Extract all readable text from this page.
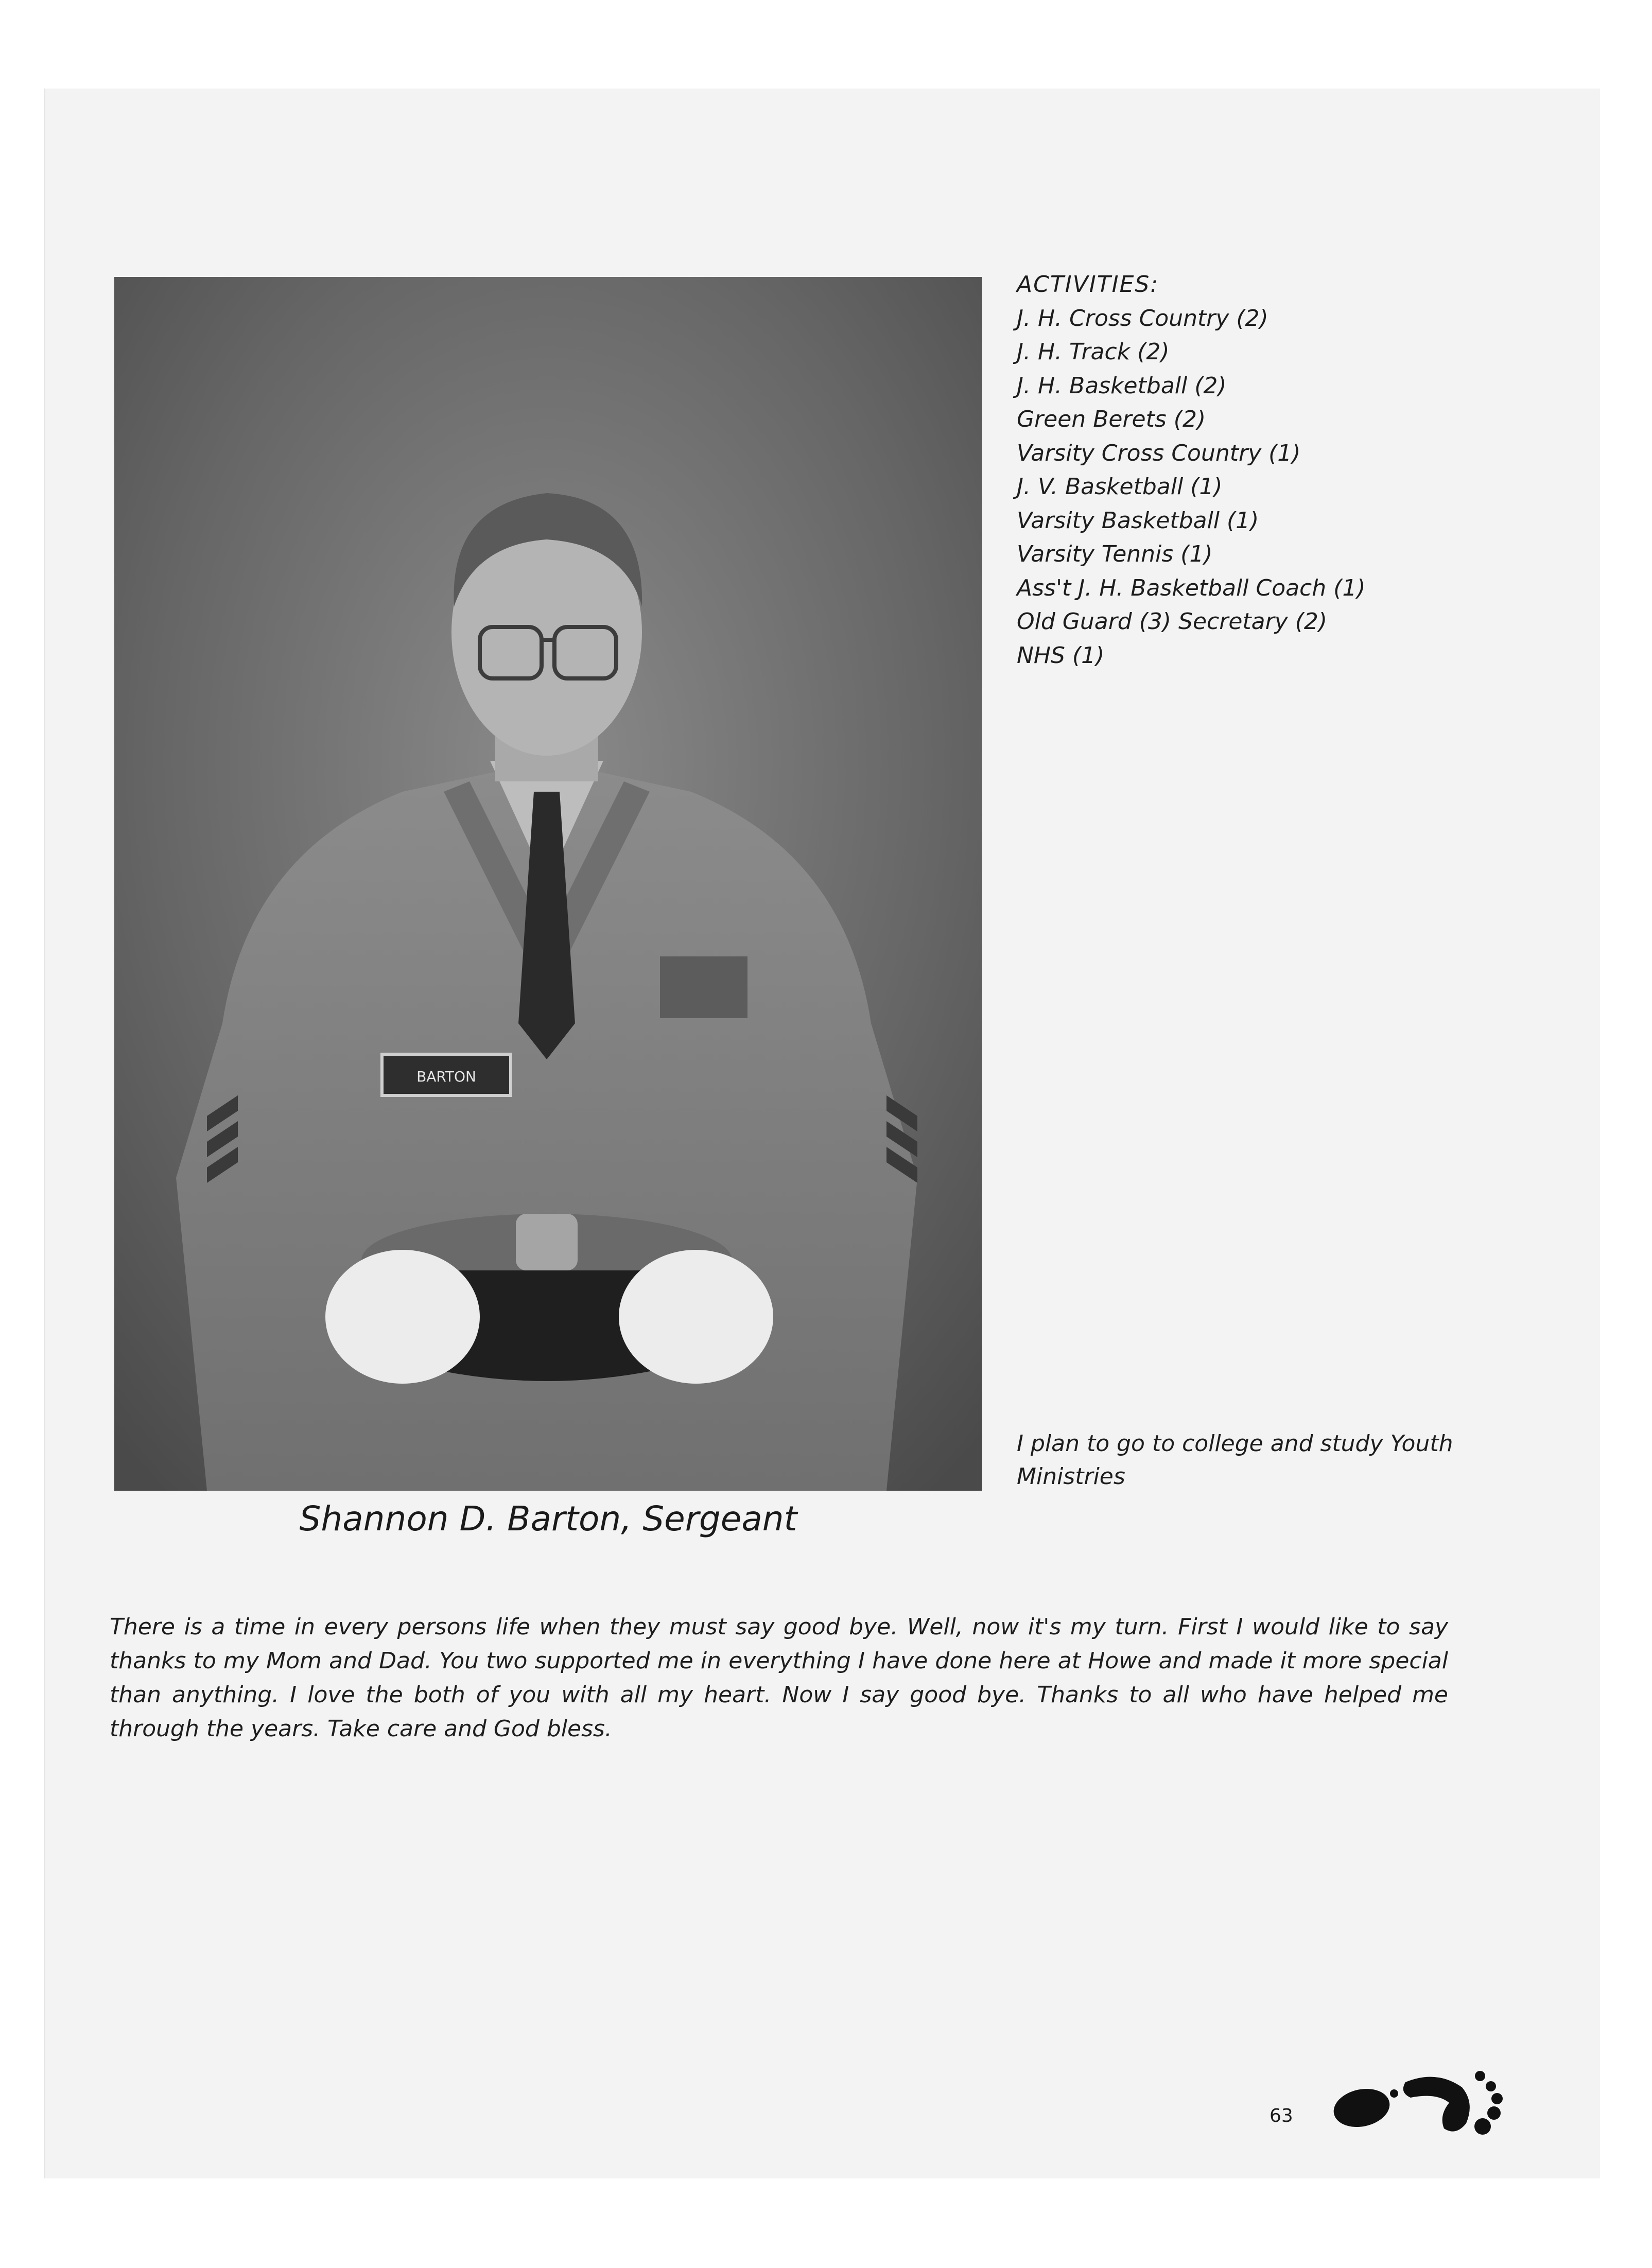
BARTON
ACTIVITIES:
J. H. Cross Country (2)
J. H. Track (2)
J. H. Basketball (2)
Green Berets (2)
Varsity Cross Country (1)
J. V. Basketball (1)
Varsity Basketball (1)
Varsity Tennis (1)
Ass't J. H. Basketball Coach (1)
Old Guard (3) Secretary (2)
NHS (1)
I plan to go to college and study Youth Ministries
Shannon D. Barton, Sergeant
There is a time in every persons life when they must say good bye. Well, now it's my turn. First I would like to say thanks to my Mom and Dad. You two supported me in everything I have done here at Howe and made it more special than anything. I love the both of you with all my heart. Now I say good bye. Thanks to all who have helped me through the years. Take care and God bless.
63
